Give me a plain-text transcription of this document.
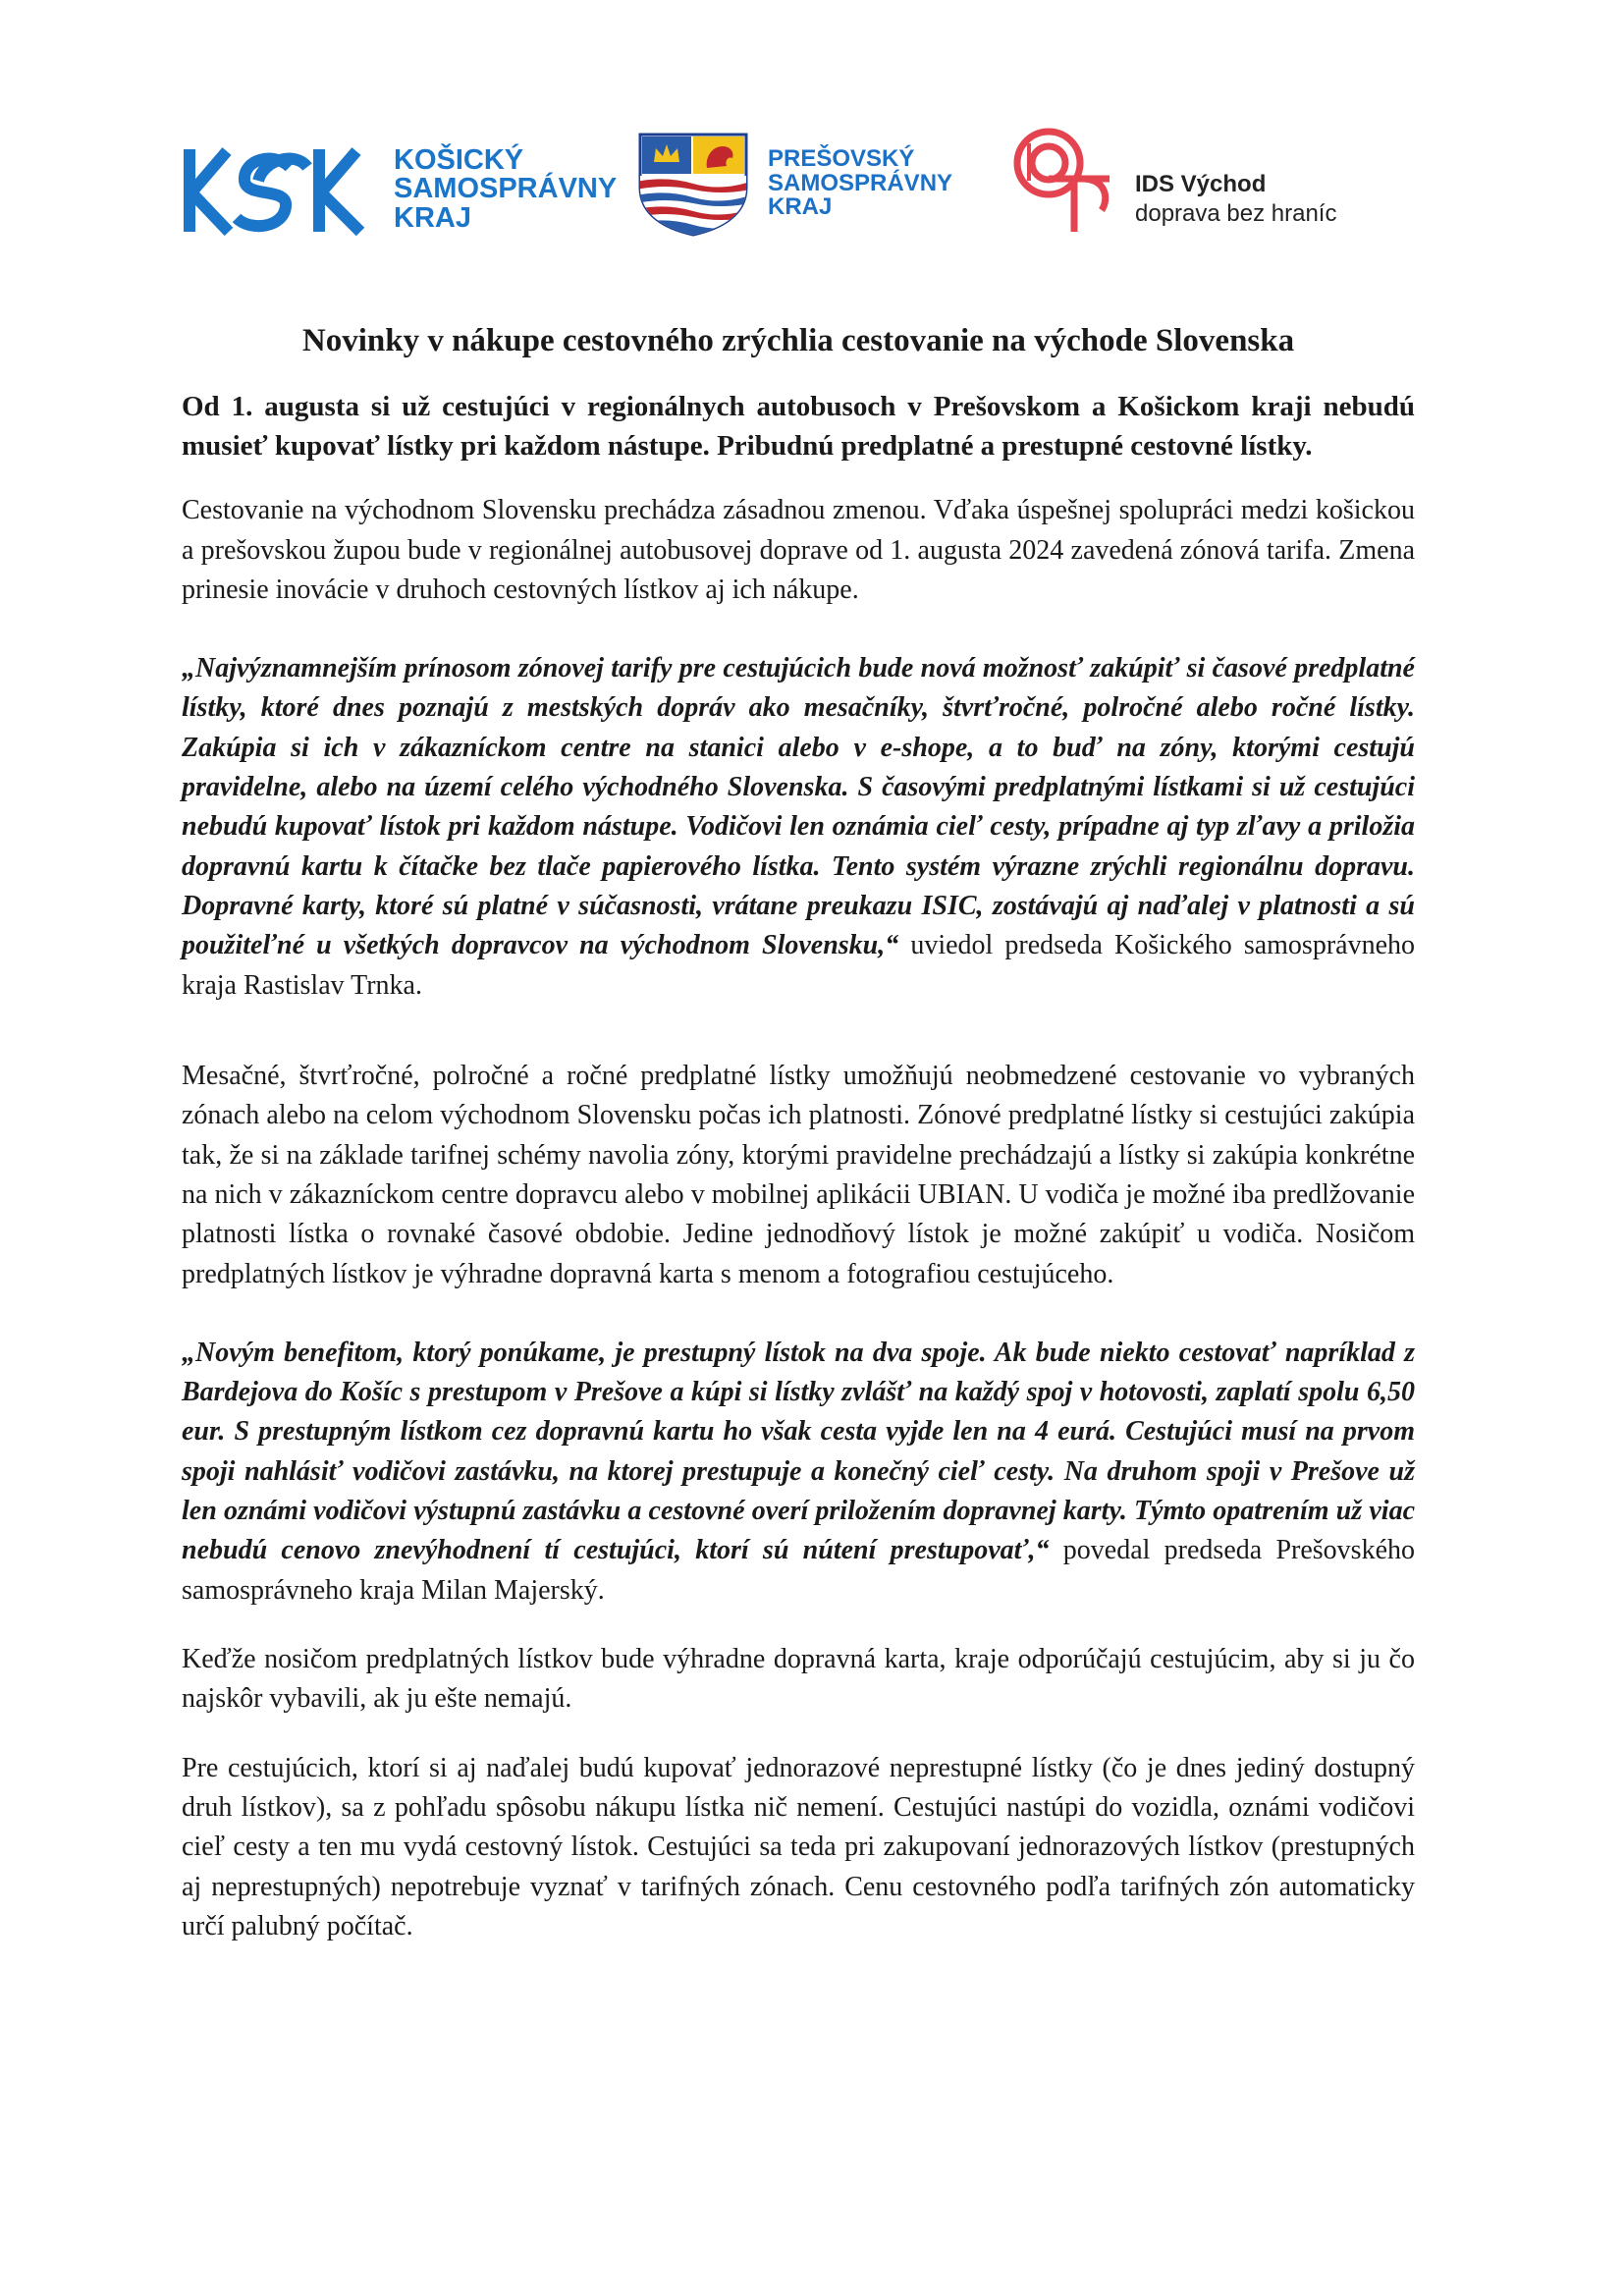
KOŠICKÝ
SAMOSPRÁVNY
KRAJ
PREŠOVSKÝ
SAMOSPRÁVNY
KRAJ
IDS Východ
doprava bez hraníc
Novinky v nákupe cestovného zrýchlia cestovanie na východe Slovenska

Od 1. augusta si už cestujúci v regionálnych autobusoch v Prešovskom a Košickom kraji nebudú musieť kupovať lístky pri každom nástupe. Pribudnú predplatné a prestupné cestovné lístky.

Cestovanie na východnom Slovensku prechádza zásadnou zmenou. Vďaka úspešnej spolupráci medzi košickou a prešovskou župou bude v regionálnej autobusovej doprave od 1. augusta 2024 zavedená zónová tarifa. Zmena prinesie inovácie v druhoch cestovných lístkov aj ich nákupe.

„Najvýznamnejším prínosom zónovej tarify pre cestujúcich bude nová možnosť zakúpiť si časové predplatné lístky, ktoré dnes poznajú z mestských dopráv ako mesačníky, štvrťročné, polročné alebo ročné lístky. Zakúpia si ich v zákazníckom centre na stanici alebo v e-shope, a to buď na zóny, ktorými cestujú pravidelne, alebo na území celého východného Slovenska. S časovými predplatnými lístkami si už cestujúci nebudú kupovať lístok pri každom nástupe. Vodičovi len oznámia cieľ cesty, prípadne aj typ zľavy a priložia dopravnú kartu k čítačke bez tlače papierového lístka. Tento systém výrazne zrýchli regionálnu dopravu. Dopravné karty, ktoré sú platné v súčasnosti, vrátane preukazu ISIC, zostávajú aj naďalej v platnosti a sú použiteľné u všetkých dopravcov na východnom Slovensku,“ uviedol predseda Košického samosprávneho kraja Rastislav Trnka.

Mesačné, štvrťročné, polročné a ročné predplatné lístky umožňujú neobmedzené cestovanie vo vybraných zónach alebo na celom východnom Slovensku počas ich platnosti. Zónové predplatné lístky si cestujúci zakúpia tak, že si na základe tarifnej schémy navolia zóny, ktorými pravidelne prechádzajú a lístky si zakúpia konkrétne na nich v zákazníckom centre dopravcu alebo v mobilnej aplikácii UBIAN. U vodiča je možné iba predlžovanie platnosti lístka o rovnaké časové obdobie. Jedine jednodňový lístok je možné zakúpiť u vodiča. Nosičom predplatných lístkov je výhradne dopravná karta s menom a fotografiou cestujúceho.

„Novým benefitom, ktorý ponúkame, je prestupný lístok na dva spoje. Ak bude niekto cestovať napríklad z Bardejova do Košíc s prestupom v Prešove a kúpi si lístky zvlášť na každý spoj v hotovosti, zaplatí spolu 6,50 eur. S prestupným lístkom cez dopravnú kartu ho však cesta vyjde len na 4 eurá. Cestujúci musí na prvom spoji nahlásiť vodičovi zastávku, na ktorej prestupuje a konečný cieľ cesty. Na druhom spoji v Prešove už len oznámi vodičovi výstupnú zastávku a cestovné overí priložením dopravnej karty. Týmto opatrením už viac nebudú cenovo znevýhodnení tí cestujúci, ktorí sú nútení prestupovať,“ povedal predseda Prešovského samosprávneho kraja Milan Majerský.

Keďže nosičom predplatných lístkov bude výhradne dopravná karta, kraje odporúčajú cestujúcim, aby si ju čo najskôr vybavili, ak ju ešte nemajú.

Pre cestujúcich, ktorí si aj naďalej budú kupovať jednorazové neprestupné lístky (čo je dnes jediný dostupný druh lístkov), sa z pohľadu spôsobu nákupu lístka nič nemení. Cestujúci nastúpi do vozidla, oznámi vodičovi cieľ cesty a ten mu vydá cestovný lístok. Cestujúci sa teda pri zakupovaní jednorazových lístkov (prestupných aj neprestupných) nepotrebuje vyznať v tarifných zónach. Cenu cestovného podľa tarifných zón automaticky určí palubný počítač.
